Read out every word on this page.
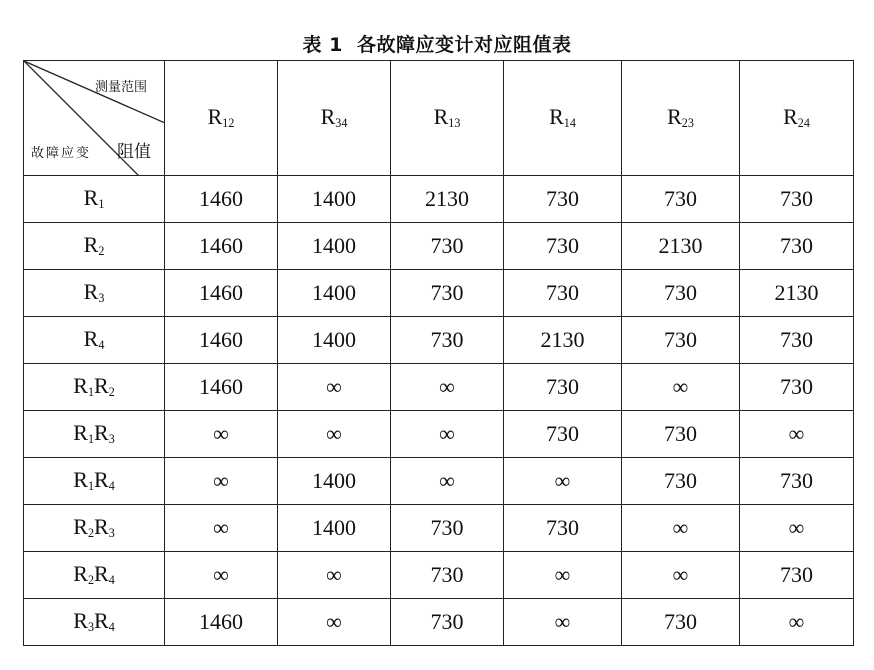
表 1  各故障应变计对应阻值表
测量范围
故障应变 阻值	$R_{12}$	$R_{34}$	$R_{13}$	$R_{14}$	$R_{23}$	$R_{24}$
$R_1$	1460	1400	2130	730	730	730
$R_2$	1460	1400	730	730	2130	730
$R_3$	1460	1400	730	730	730	2130
$R_4$	1460	1400	730	2130	730	730
$R_1R_2$	1460	∞	∞	730	∞	730
$R_1R_3$	∞	∞	∞	730	730	∞
$R_1R_4$	∞	1400	∞	∞	730	730
$R_2R_3$	∞	1400	730	730	∞	∞
$R_2R_4$	∞	∞	730	∞	∞	730
$R_3R_4$	1460	∞	730	∞	730	∞
